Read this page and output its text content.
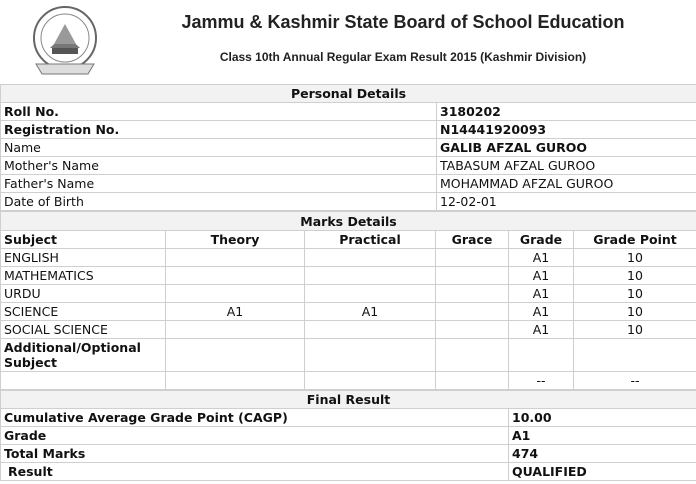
Jammu & Kashmir State Board of School Education
Class 10th Annual Regular Exam Result 2015 (Kashmir Division)
Personal Details	
Roll No.	3180202
Registration No.	N14441920093
Name	GALIB AFZAL GUROO
Mother's Name	TABASUM AFZAL GUROO
Father's Name	MOHAMMAD AFZAL GUROO
Date of Birth	12-02-01
Marks Details					
Subject	Theory	Practical	Grace	Grade	Grade Point
ENGLISH				A1	10
MATHEMATICS				A1	10
URDU				A1	10
SCIENCE	A1	A1		A1	10
SOCIAL SCIENCE				A1	10
Additional/Optional Subject					
				--	--
Final Result	
Cumulative Average Grade Point (CAGP)	10.00
Grade	A1
Total Marks	474
Result	QUALIFIED
